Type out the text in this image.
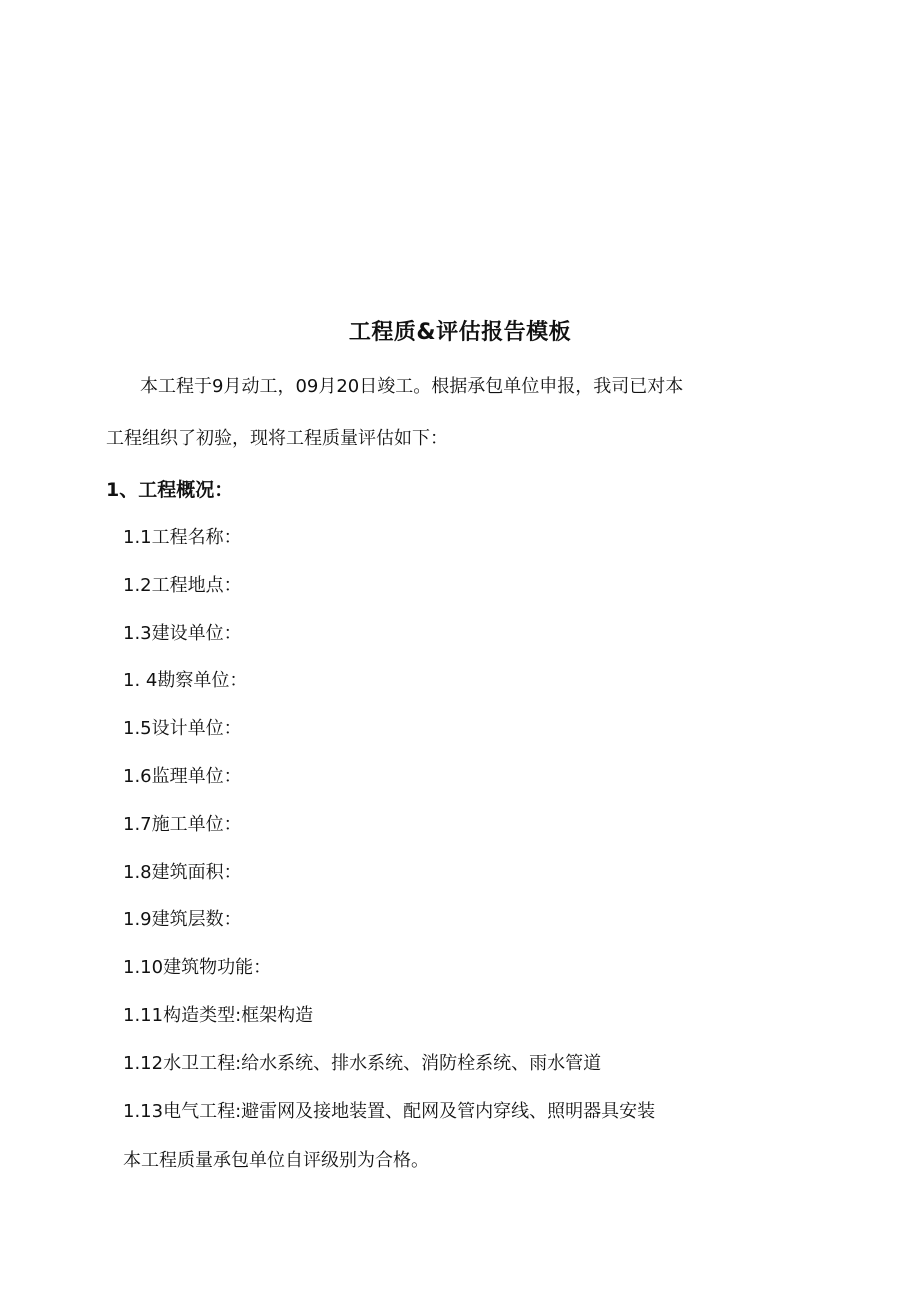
工程质&评估报告模板
本工程于9月动工，09月20日竣工。根据承包单位申报，我司已对本
工程组织了初验，现将工程质量评估如下：
1、工程概况：
1.1工程名称：
1.2工程地点：
1.3建设单位：
1. 4勘察单位：
1.5设计单位：
1.6监理单位：
1.7施工单位：
1.8建筑面积：
1.9建筑层数：
1.10建筑物功能：
1.11构造类型:框架构造
1.12水卫工程:给水系统、排水系统、消防栓系统、雨水管道
1.13电气工程:避雷网及接地装置、配网及管内穿线、照明器具安装
本工程质量承包单位自评级别为合格。
